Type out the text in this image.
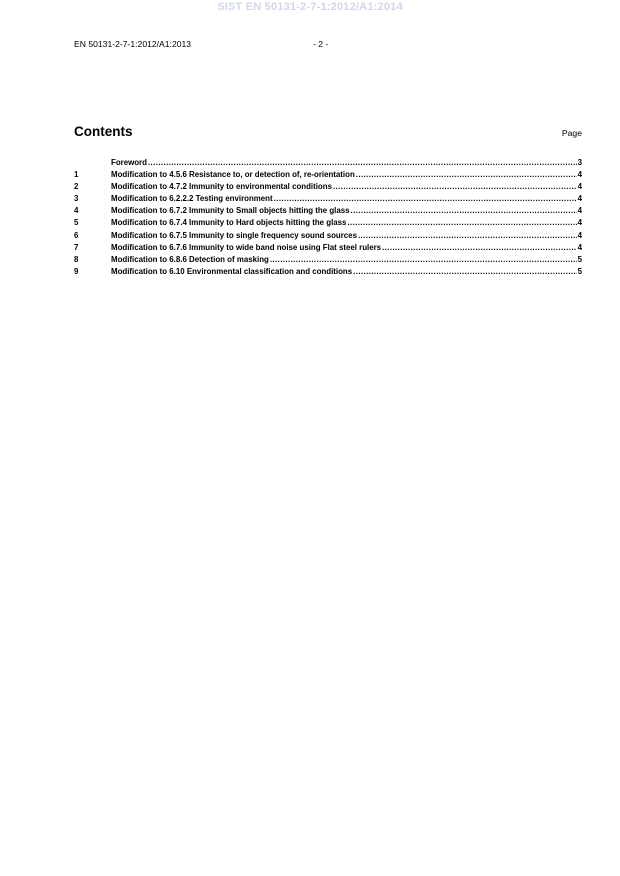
SIST EN 50131-2-7-1:2012/A1:2014
EN 50131-2-7-1:2012/A1:2013	- 2 -
Contents	Page
Foreword .....	3
1	Modification to 4.5.6 Resistance to, or detection of, re-orientation .....	4
2	Modification to 4.7.2 Immunity to environmental conditions .....	4
3	Modification to 6.2.2.2 Testing environment .....	4
4	Modification to 6.7.2 Immunity to Small objects hitting the glass .....	4
5	Modification to 6.7.4 Immunity to Hard objects hitting the glass .....	4
6	Modification to 6.7.5 Immunity to single frequency sound sources .....	4
7	Modification to 6.7.6 Immunity to wide band noise using Flat steel rulers .....	4
8	Modification to 6.8.6 Detection of masking .....	5
9	Modification to 6.10 Environmental classification and conditions .....	5
